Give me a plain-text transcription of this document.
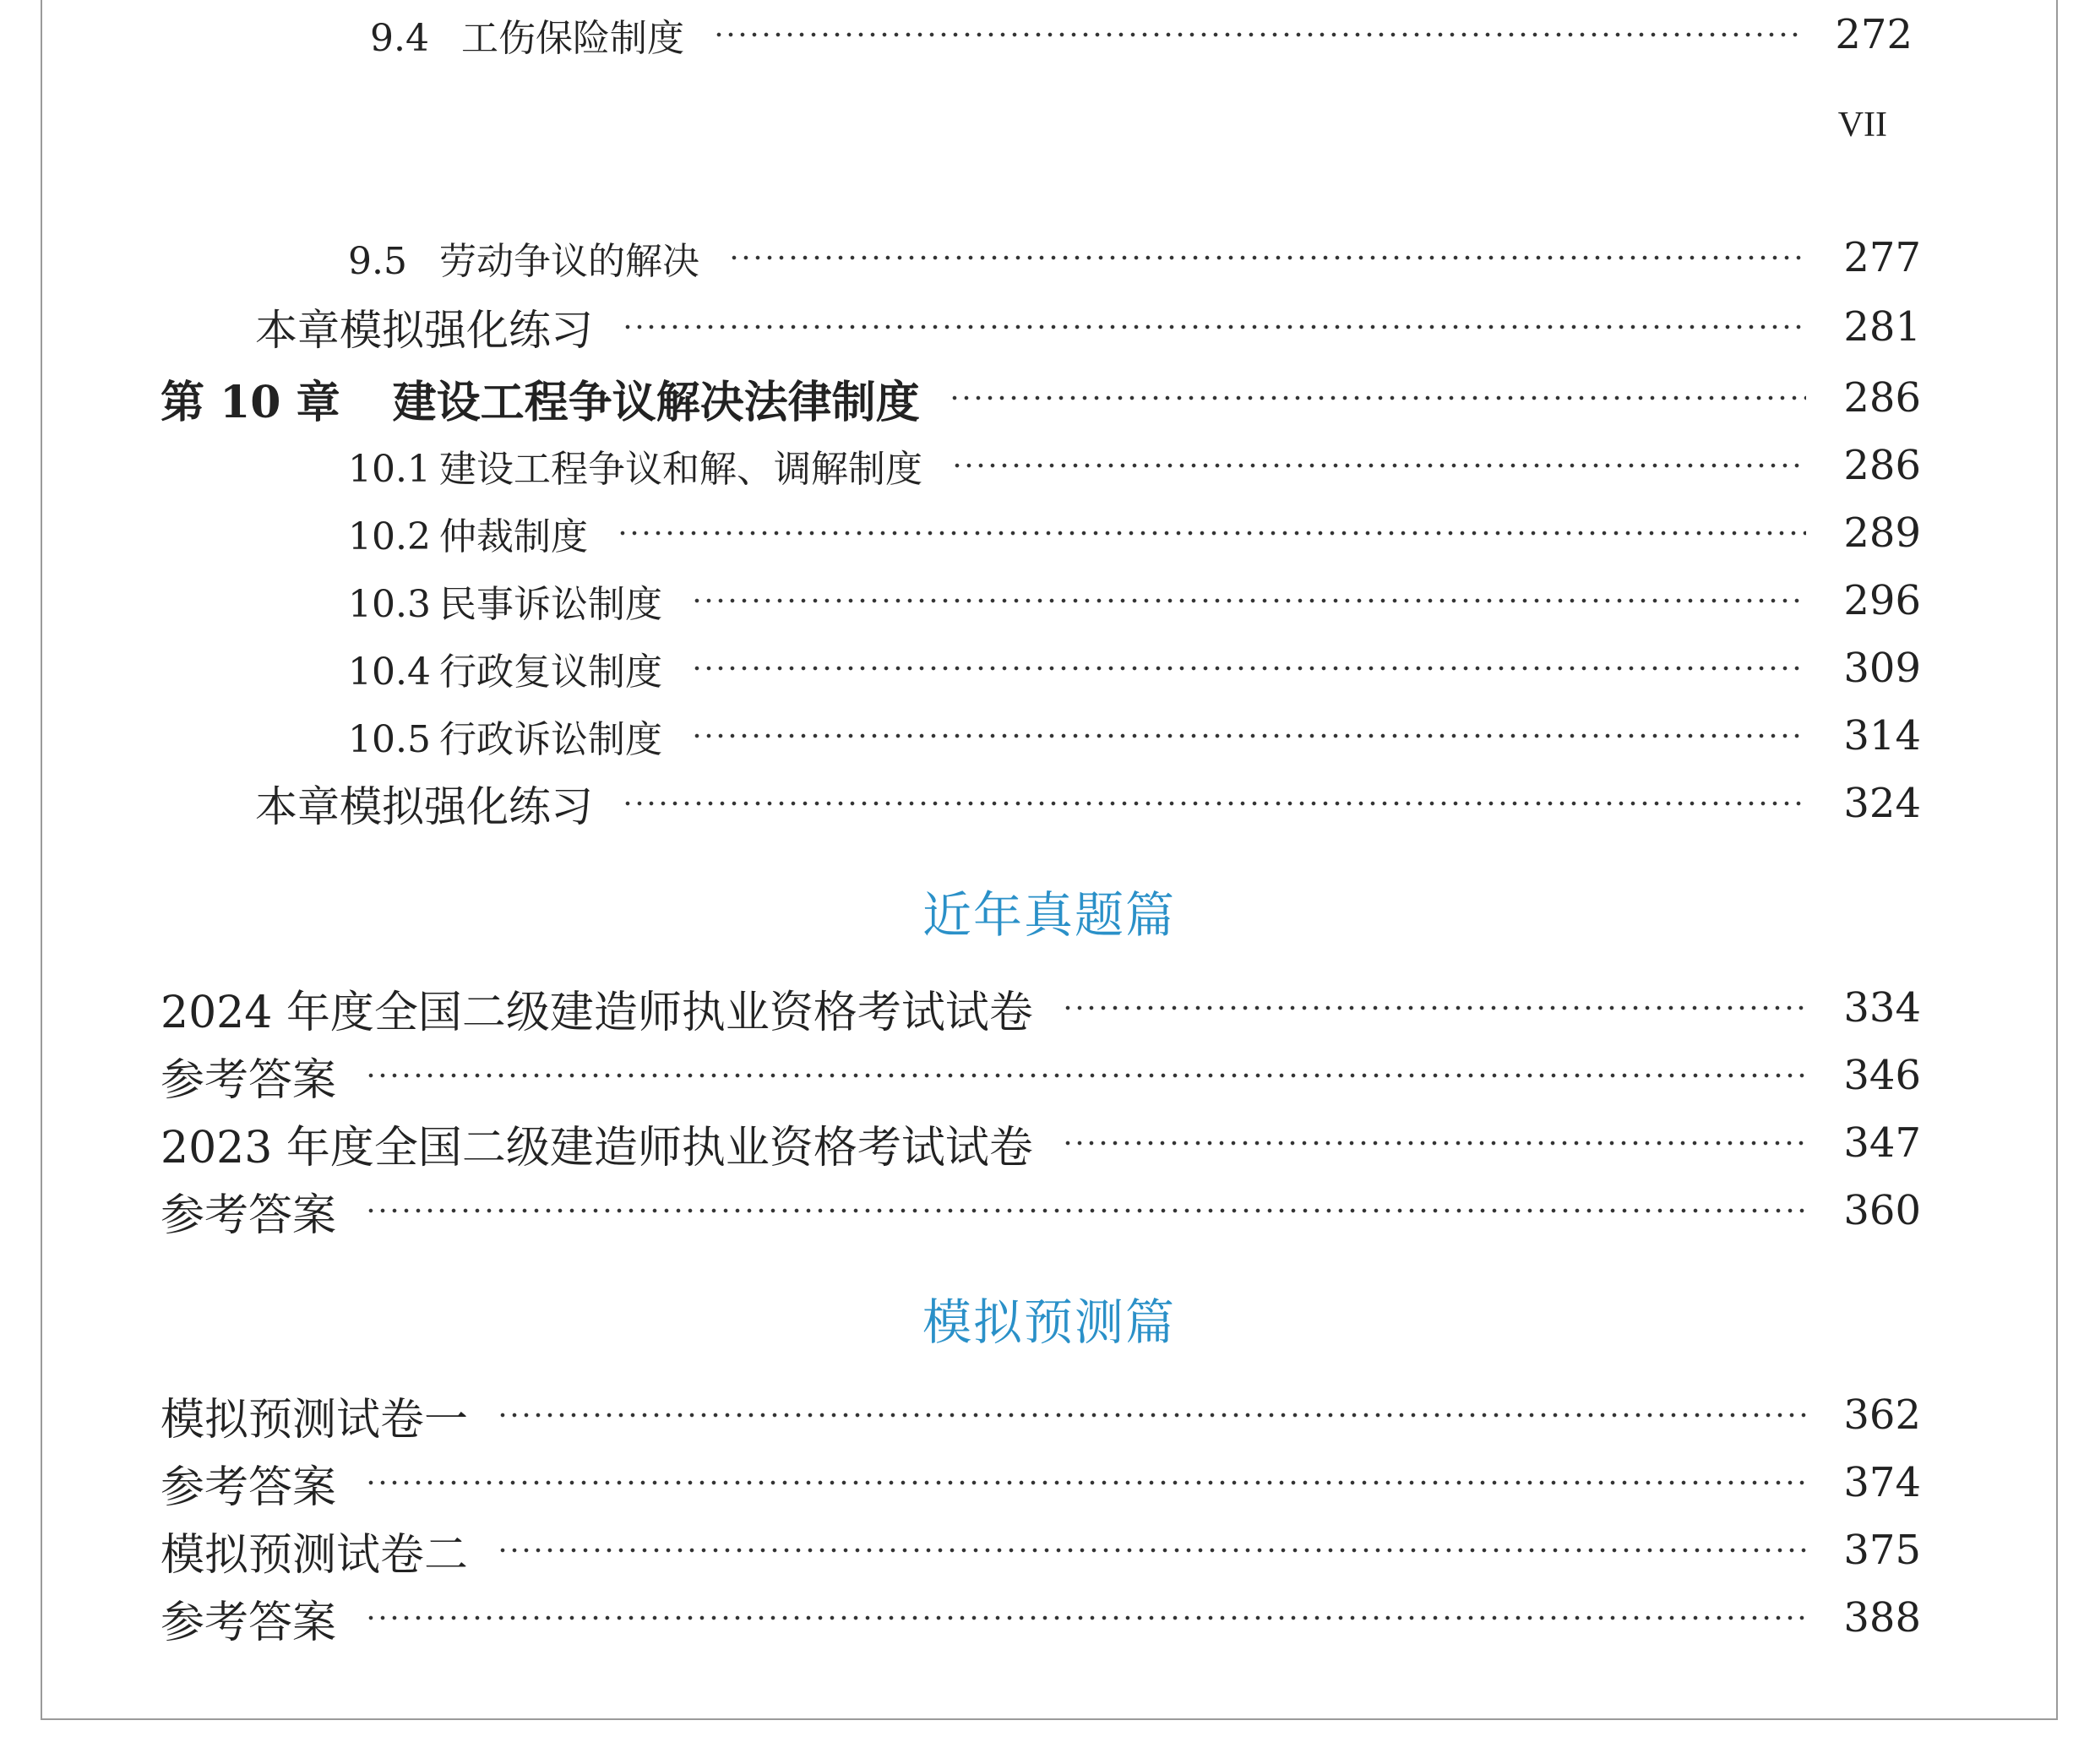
9.4 工伤保险制度	272
VII
9.5 劳动争议的解决	277
本章模拟强化练习	281
第 10 章 建设工程争议解决法律制度	286
10.1 建设工程争议和解、调解制度	286
10.2 仲裁制度	289
10.3 民事诉讼制度	296
10.4 行政复议制度	309
10.5 行政诉讼制度	314
本章模拟强化练习	324
近年真题篇
2024 年度全国二级建造师执业资格考试试卷	334
参考答案	346
2023 年度全国二级建造师执业资格考试试卷	347
参考答案	360
模拟预测篇
模拟预测试卷一	362
参考答案	374
模拟预测试卷二	375
参考答案	388
